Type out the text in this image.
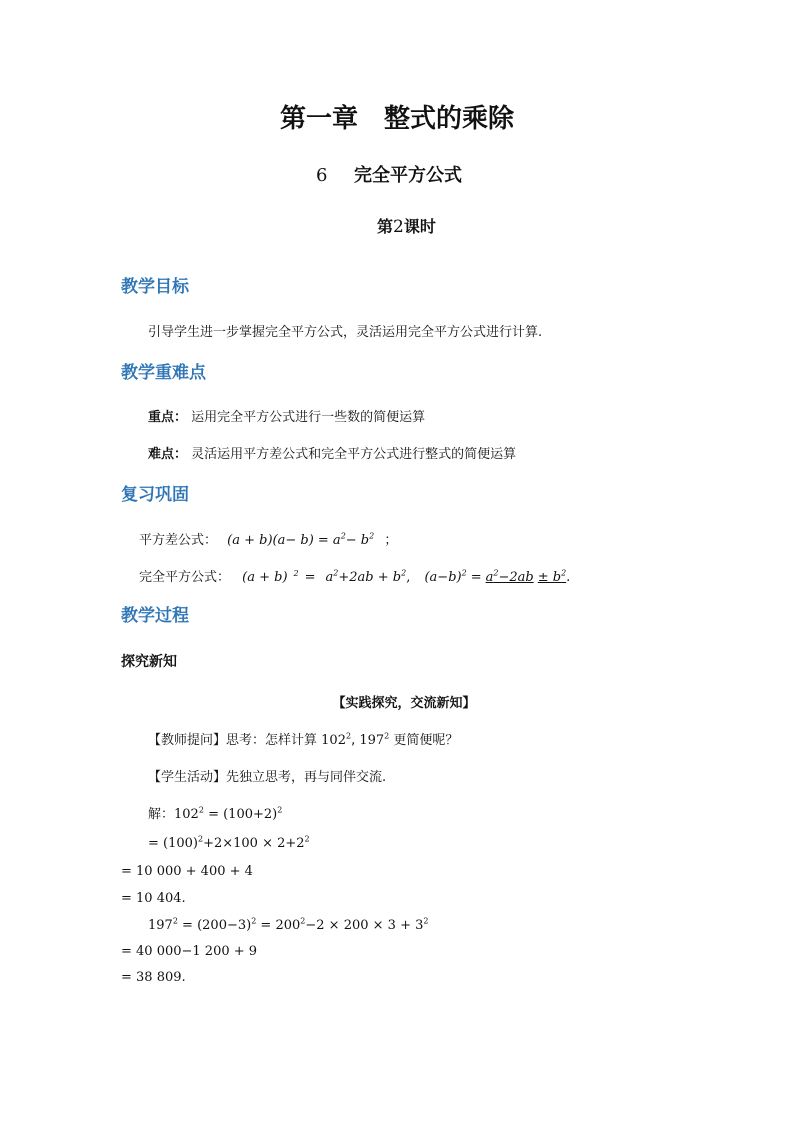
第一章　整式的乘除
6 完全平方公式
第2课时
教学目标
引导学生进一步掌握完全平方公式，灵活运用完全平方公式进行计算.
教学重难点
重点： 运用完全平方公式进行一些数的简便运算
难点： 灵活运用平方差公式和完全平方公式进行整式的简便运算
复习巩固
平方差公式： $(a + b)(a- b) = a^2- b^2$ ；
完全平方公式： (a + b) $^2 = a^2+2ab + b^2$, $(a-b)^2 = a^2-2ab \pm b^2$.
教学过程
探究新知
【实践探究，交流新知】
【教师提问】思考：怎样计算 $102^2$, $197^2$ 更简便呢？
【学生活动】先独立思考，再与同伴交流.
解：$102^2 = (100+2)^2$
= $(100)^2+2\times 100 \times 2+2^2$
= 10 000 + 400 + 4
= 10 404.
$197^2 = (200-3)^2 = 200^2-2 \times 200 \times 3 + 3^2$
= 40 000−1 200 + 9
= 38 809.
